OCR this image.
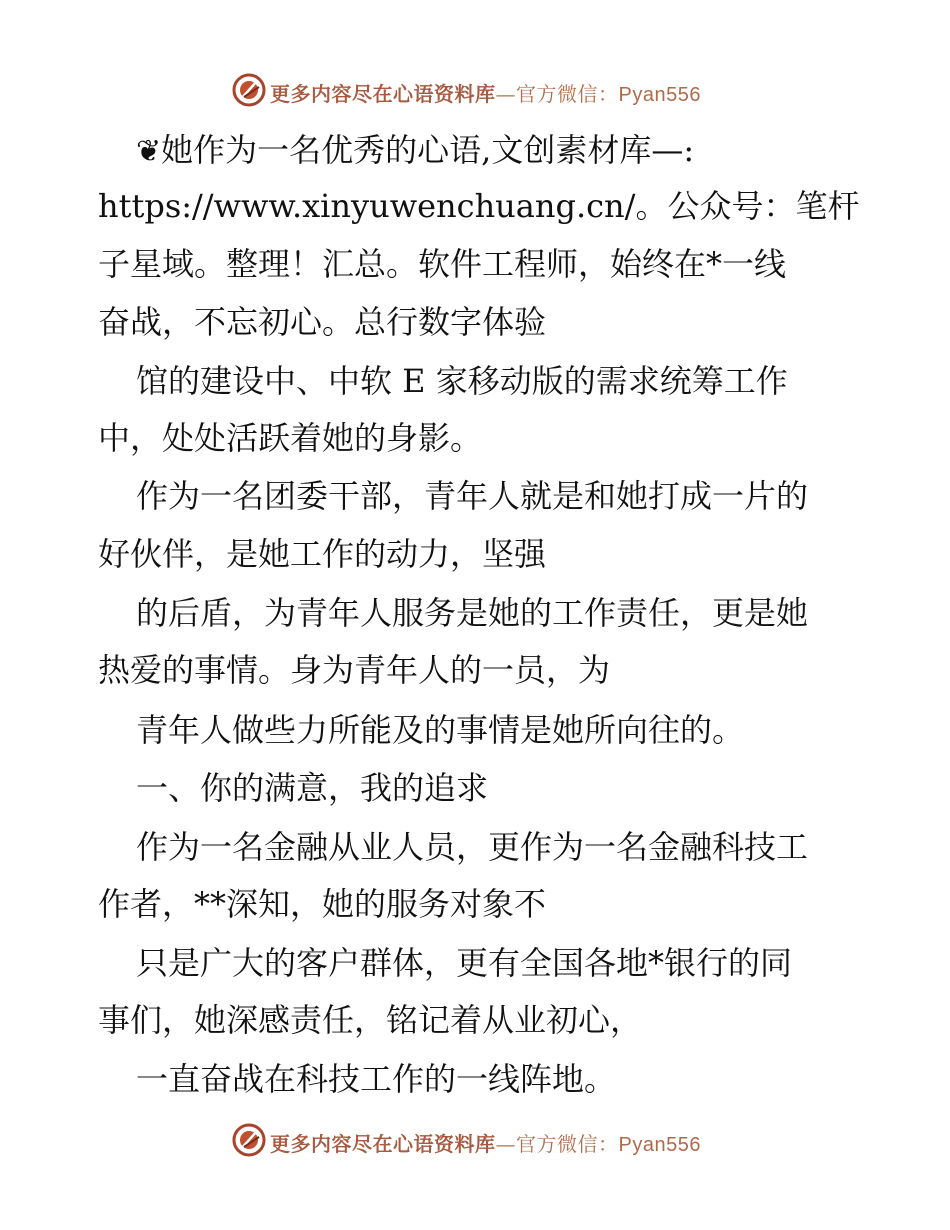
更多内容尽在心语资料库—官方微信：Pyan556
❦她作为一名优秀的心语,文创素材库—:
https://www.xinyuwenchuang.cn/。公众号：笔杆
子星域。整理！汇总。软件工程师，始终在*一线
奋战，不忘初心。总行数字体验
馆的建设中、中软 E 家移动版的需求统筹工作
中，处处活跃着她的身影。
作为一名团委干部，青年人就是和她打成一片的
好伙伴，是她工作的动力，坚强
的后盾，为青年人服务是她的工作责任，更是她
热爱的事情。身为青年人的一员，为
青年人做些力所能及的事情是她所向往的。
一、你的满意，我的追求
作为一名金融从业人员，更作为一名金融科技工
作者，**深知，她的服务对象不
只是广大的客户群体，更有全国各地*银行的同
事们，她深感责任，铭记着从业初心，
一直奋战在科技工作的一线阵地。
更多内容尽在心语资料库—官方微信：Pyan556
